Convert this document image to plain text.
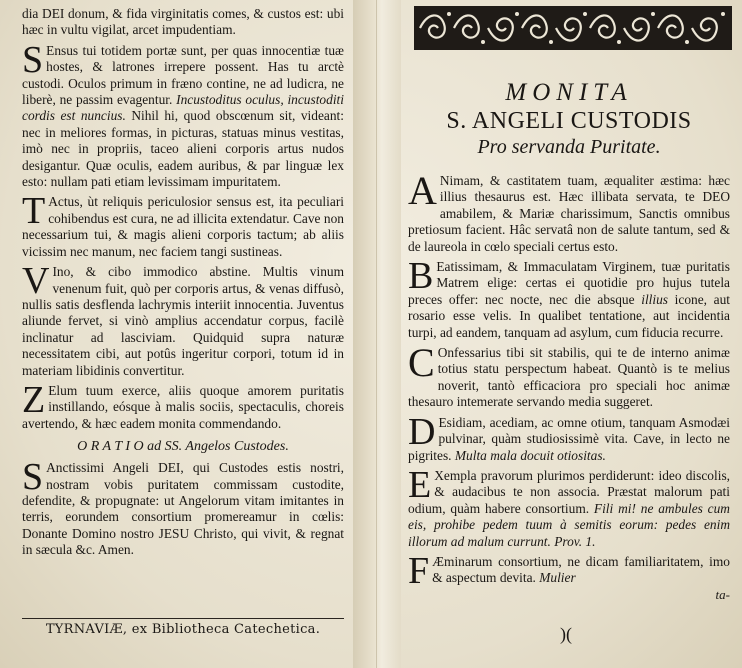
dia DEI donum, & fida virginitatis comes, & custos est: ubi hæc in vultu vigilat, arcet impudentiam.

S Ensus tui totidem portæ sunt, per quas innocentiæ tuæ hostes, & latrones irrepere possent. Has tu arctè custodi. Oculos primum in fræno contine, ne ad ludicra, ne liberè, ne passim evagentur. Incustoditus oculus, incustoditi cordis est nuncius. Nihil hi, quod obscœnum sit, videant: nec in meliores formas, in picturas, statuas minus vestitas, imò nec in propriis, taceo alieni corporis artus nudos desigantur. Quæ oculis, eadem auribus, & par linguæ lex esto: nullam pati etiam levissimam impuritatem.

T Actus, ùt reliquis periculosior sensus est, ita peculiari cohibendus est cura, ne ad illicita extendatur. Cave non necessarium tui, & magis alieni corporis tactum; ab aliis vicissim nec manum, nec faciem tangi sustineas.

V Ino, & cibo immodico abstine. Multis vinum venenum fuit, quò per corporis artus, & venas diffusò, nullis satis desflenda lachrymis interiit innocentia. Juventus aliunde fervet, si vinò amplius accendatur corpus, facilè inclinatur ad lasciviam. Quidquid supra naturæ necessitatem cibi, aut potûs ingeritur corpori, totum id in materiam libidinis convertitur.

Z Elum tuum exerce, aliis quoque amorem puritatis instillando, eósque à malis sociis, spectaculis, choreis avertendo, & hæc eadem monita commendando.

O R A T I O ad SS. Angelos Custodes.

S Anctissimi Angeli DEI, qui Custodes estis nostri, nostram vobis puritatem commissam custodite, defendite, & propugnate: ut Angelorum vitam imitantes in terris, eorundem consortium promereamur in cœlis: Donante Domino nostro JESU Christo, qui vivit, & regnat in sæcula &c. Amen.

TYRNAVIÆ, ex Bibliotheca Catechetica.
MONITA
S. ANGELI CUSTODIS
Pro servanda Puritate.

A Nimam, & castitatem tuam, æqualiter æstima: hæc illius thesaurus est. Hæc illibata servata, te DEO amabilem, & Mariæ charissimum, Sanctis omnibus pretiosum facient. Hâc servatâ non de salute tantum, sed & de laureola in cœlo speciali certus esto.

B Eatissimam, & Immaculatam Virginem, tuæ puritatis Matrem elige: certas ei quotidie pro hujus tutela preces offer: nec nocte, nec die absque illius icone, aut rosario esse velis. In qualibet tentatione, aut incidentia turpi, ad eandem, tanquam ad asylum, cum fiducia recurre.

C Onfessarius tibi sit stabilis, qui te de interno animæ totius statu perspectum habeat. Quantò is te melius noverit, tantò efficaciora pro speciali hoc animæ thesauro intemerate servando media suggeret.

D Esidiam, acediam, ac omne otium, tanquam Asmodæi pulvinar, quàm studiosissimè vita. Cave, in lecto ne pigrites. Multa mala docuit otiositas.

E Xempla pravorum plurimos perdiderunt: ideo discolis, & audacibus te non associa. Præstat malorum pati odium, quàm habere consortium. Fili mi! ne ambules cum eis, prohibe pedem tuum à semitis eorum: pedes enim illorum ad malum currunt. Prov. 1.

F Æminarum consortium, ne dicam familiaritatem, imo & aspectum devita. Mulier

ta-
)(
